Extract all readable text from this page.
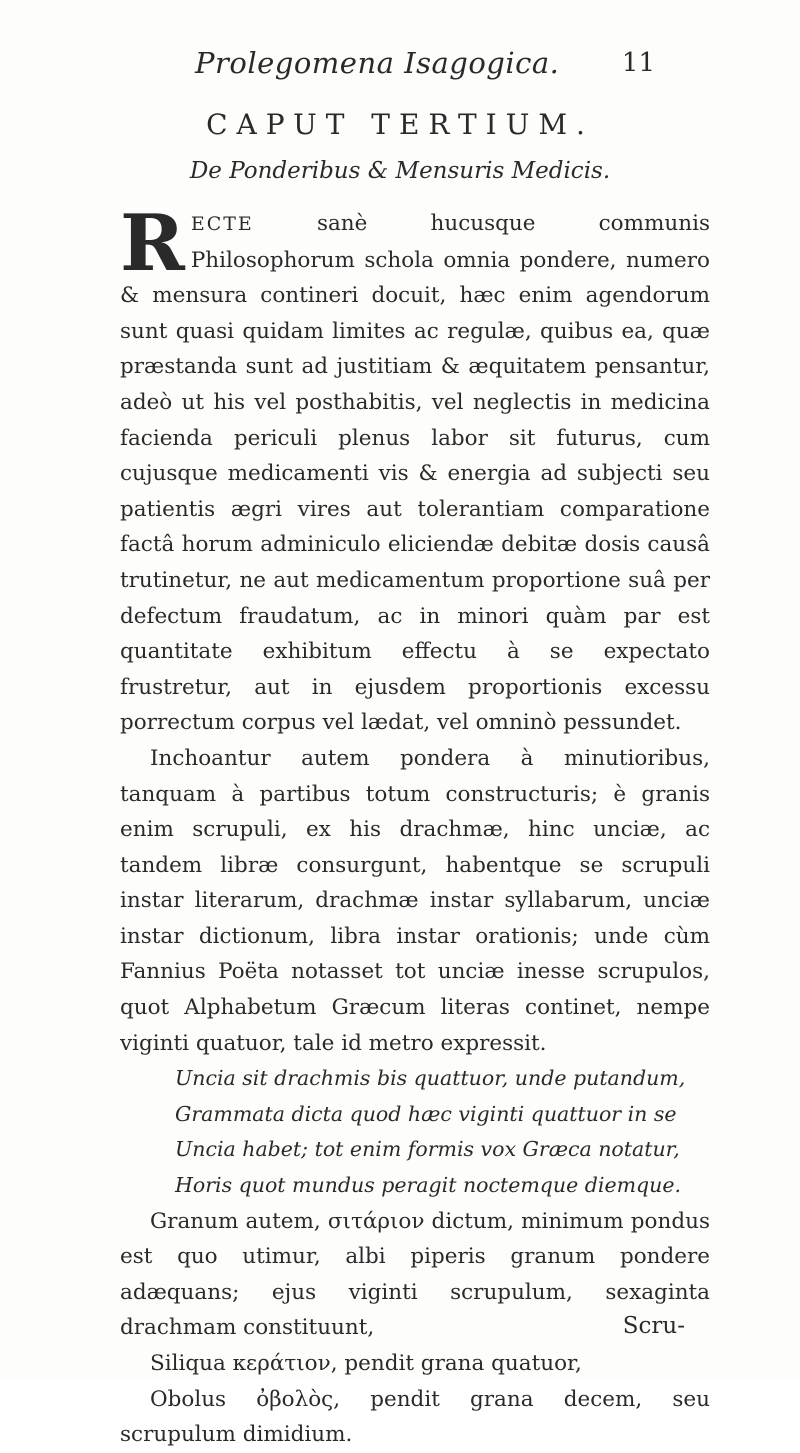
Prolegomena Isagogica. 11
CAPUT TERTIUM.
De Ponderibus & Mensuris Medicis.

RECTE sanè hucusque communis Philosophorum schola omnia pondere, numero & mensura contineri docuit, hæc enim agendorum sunt quasi quidam limites ac regulæ, quibus ea, quæ præstanda sunt ad justitiam & æquitatem pensantur, adeò ut his vel posthabitis, vel neglectis in medicina facienda periculi plenus labor sit futurus, cum cujusque medicamenti vis & energia ad subjecti seu patientis ægri vires aut tolerantiam comparatione factâ horum adminiculo eliciendæ debitæ dosis causâ trutinetur, ne aut medicamentum proportione suâ per defectum fraudatum, ac in minori quàm par est quantitate exhibitum effectu à se expectato frustretur, aut in ejusdem proportionis excessu porrectum corpus vel lædat, vel omninò pessundet.

Inchoantur autem pondera à minutioribus, tanquam à partibus totum constructuris; è granis enim scrupuli, ex his drachmæ, hinc unciæ, ac tandem libræ consurgunt, habentque se scrupuli instar literarum, drachmæ instar syllabarum, unciæ instar dictionum, libra instar orationis; unde cùm Fannius Poëta notasset tot unciæ inesse scrupulos, quot Alphabetum Græcum literas continet, nempe viginti quatuor, tale id metro expressit.

Uncia sit drachmis bis quattuor, unde putandum,
Grammata dicta quod hæc viginti quattuor in se
Uncia habet; tot enim formis vox Græca notatur,
Horis quot mundus peragit noctemque diemque.

Granum autem, σιτάριον dictum, minimum pondus est quo utimur, albi piperis granum pondere adæquans; ejus viginti scrupulum, sexaginta drachmam constituunt,

Siliqua κεράτιον, pendit grana quatuor,
Obolus ὀβολὸς, pendit grana decem, seu scrupulum dimidium.
Scru-
